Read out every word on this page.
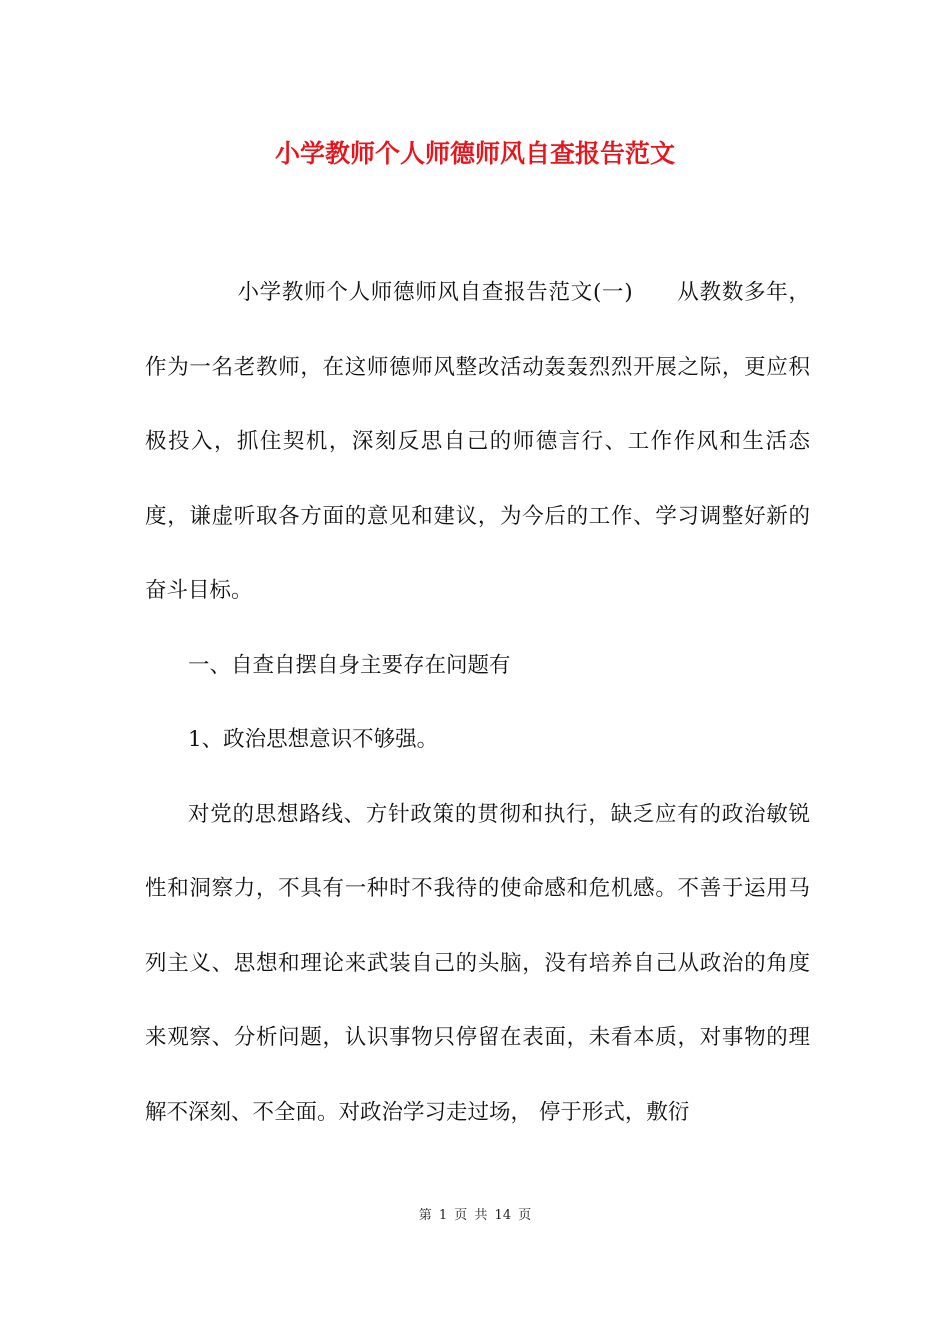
小学教师个人师德师风自查报告范文

小学教师个人师德师风自查报告范文(一) 从教数多年，作为一名老教师，在这师德师风整改活动轰轰烈烈开展之际，更应积极投入，抓住契机，深刻反思自己的师德言行、工作作风和生活态度，谦虚听取各方面的意见和建议，为今后的工作、学习调整好新的奋斗目标。

一、自查自摆自身主要存在问题有

1、政治思想意识不够强。

对党的思想路线、方针政策的贯彻和执行，缺乏应有的政治敏锐性和洞察力，不具有一种时不我待的使命感和危机感。不善于运用马列主义、思想和理论来武装自己的头脑，没有培养自己从政治的角度来观察、分析问题，认识事物只停留在表面，未看本质，对事物的理解不深刻、不全面。对政治学习走过场， 停于形式，敷衍

第 1 页 共 14 页
